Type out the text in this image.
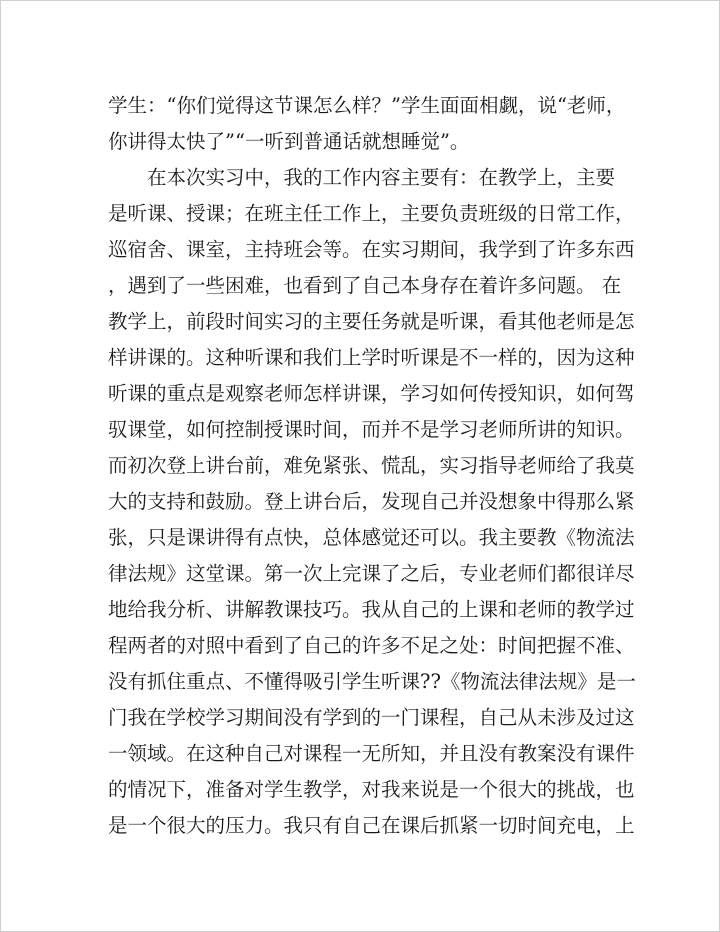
学生：“你们觉得这节课怎么样？”学生面面相觑，说“老师，
你讲得太快了”“一听到普通话就想睡觉”。
　　在本次实习中，我的工作内容主要有：在教学上，主要
是听课、授课；在班主任工作上，主要负责班级的日常工作，
巡宿舍、课室，主持班会等。在实习期间，我学到了许多东西
，遇到了一些困难，也看到了自己本身存在着许多问题。 在
教学上，前段时间实习的主要任务就是听课，看其他老师是怎
样讲课的。这种听课和我们上学时听课是不一样的，因为这种
听课的重点是观察老师怎样讲课，学习如何传授知识，如何驾
驭课堂，如何控制授课时间，而并不是学习老师所讲的知识。
而初次登上讲台前，难免紧张、慌乱，实习指导老师给了我莫
大的支持和鼓励。登上讲台后，发现自己并没想象中得那么紧
张，只是课讲得有点快，总体感觉还可以。我主要教《物流法
律法规》这堂课。第一次上完课了之后，专业老师们都很详尽
地给我分析、讲解教课技巧。我从自己的上课和老师的教学过
程两者的对照中看到了自己的许多不足之处：时间把握不准、
没有抓住重点、不懂得吸引学生听课??《物流法律法规》是一
门我在学校学习期间没有学到的一门课程，自己从未涉及过这
一领域。在这种自己对课程一无所知，并且没有教案没有课件
的情况下，准备对学生教学，对我来说是一个很大的挑战，也
是一个很大的压力。我只有自己在课后抓紧一切时间充电，上
